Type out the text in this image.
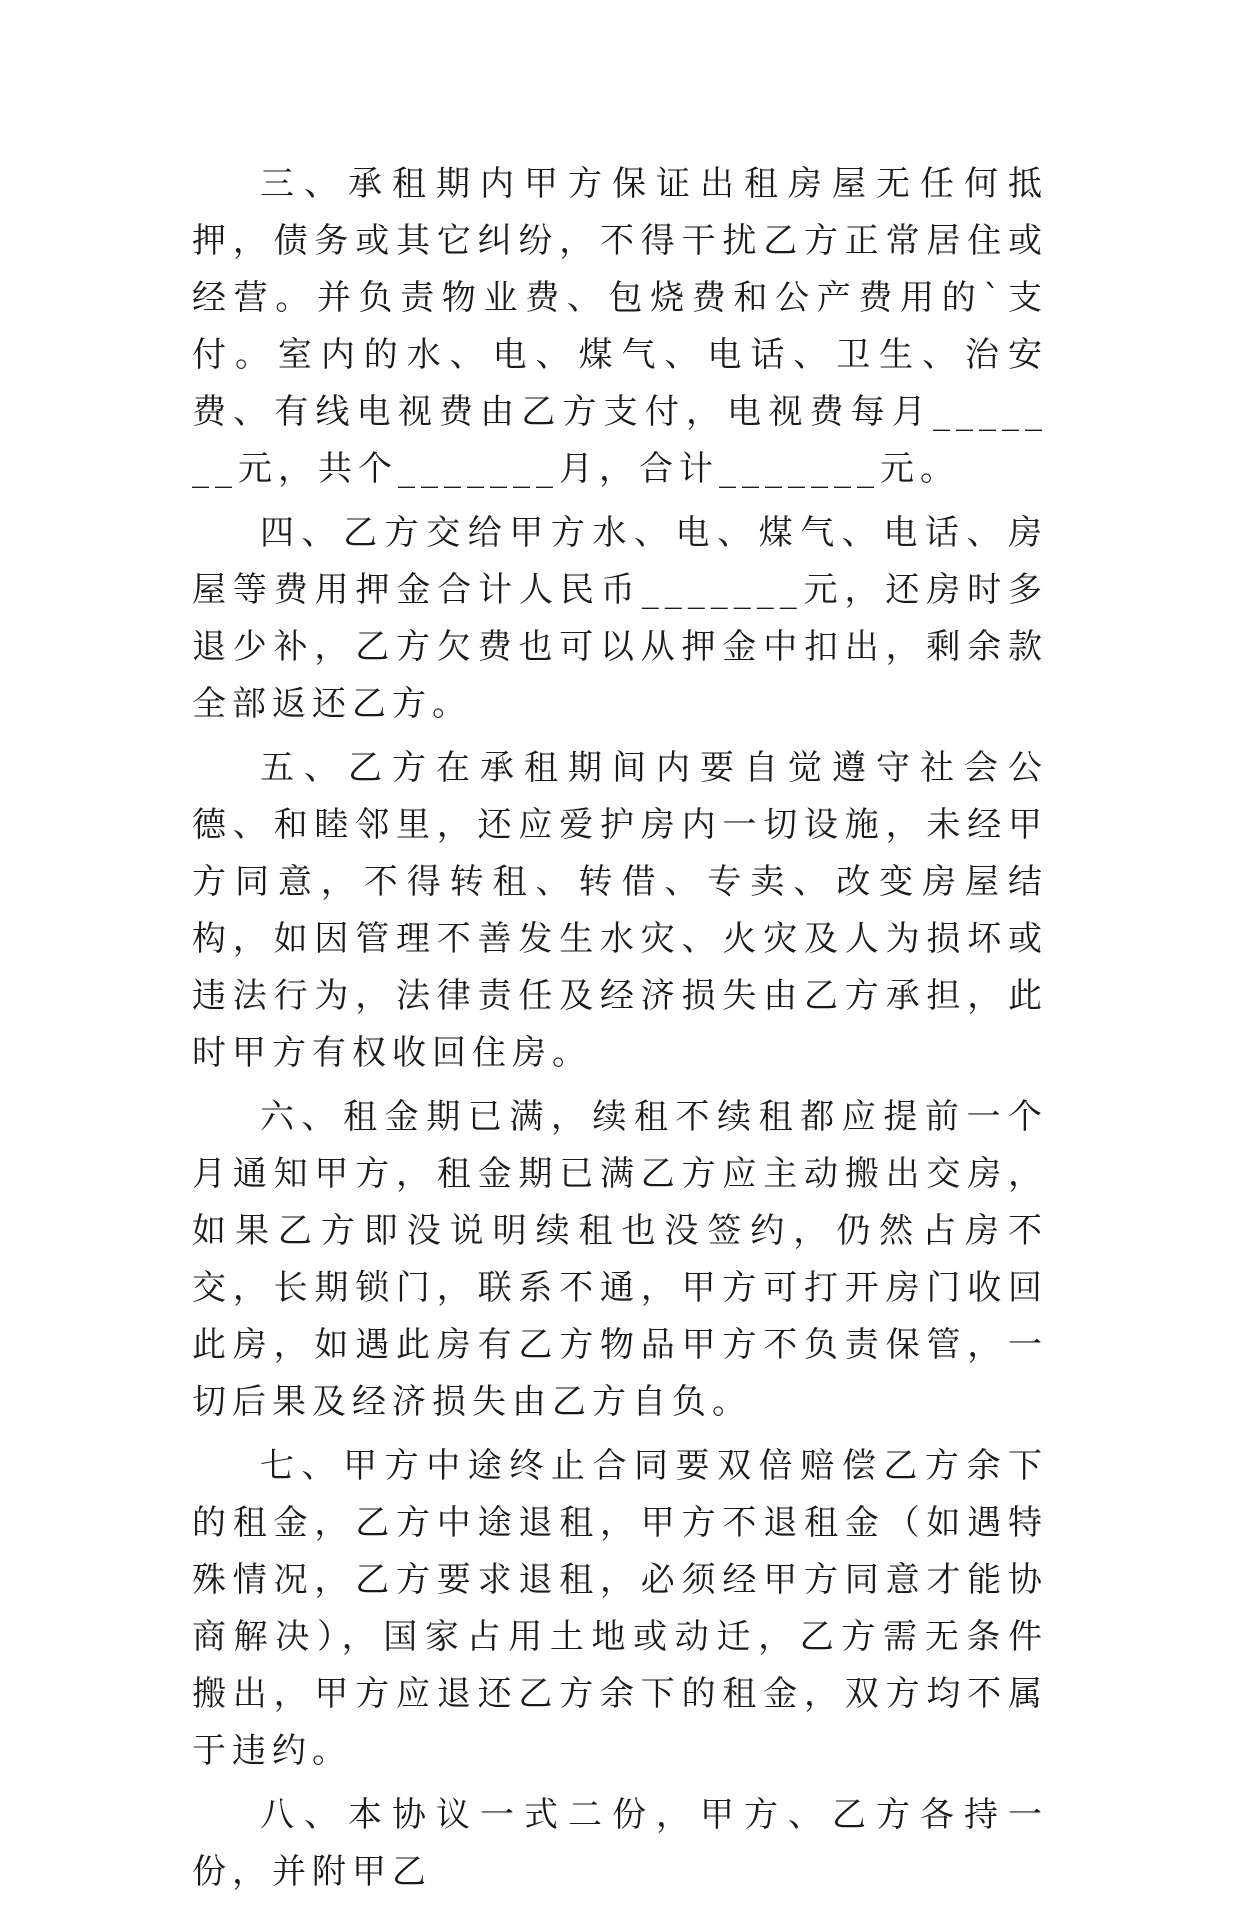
三、承租期内甲方保证出租房屋无任何抵押，债务或其它纠纷，不得干扰乙方正常居住或经营。并负责物业费、包烧费和公产费用的`支付。室内的水、电、煤气、电话、卫生、治安费、有线电视费由乙方支付，电视费每月_______元，共个_______月，合计_______元。

四、乙方交给甲方水、电、煤气、电话、房屋等费用押金合计人民币_______元，还房时多退少补，乙方欠费也可以从押金中扣出，剩余款全部返还乙方。

五、乙方在承租期间内要自觉遵守社会公德、和睦邻里，还应爱护房内一切设施，未经甲方同意，不得转租、转借、专卖、改变房屋结构，如因管理不善发生水灾、火灾及人为损坏或违法行为，法律责任及经济损失由乙方承担，此时甲方有权收回住房。

六、租金期已满，续租不续租都应提前一个月通知甲方，租金期已满乙方应主动搬出交房，如果乙方即没说明续租也没签约，仍然占房不交，长期锁门，联系不通，甲方可打开房门收回此房，如遇此房有乙方物品甲方不负责保管，一切后果及经济损失由乙方自负。

七、甲方中途终止合同要双倍赔偿乙方余下的租金，乙方中途退租，甲方不退租金（如遇特殊情况，乙方要求退租，必须经甲方同意才能协商解决），国家占用土地或动迁，乙方需无条件搬出，甲方应退还乙方余下的租金，双方均不属于违约。

八、本协议一式二份，甲方、乙方各持一份，并附甲乙
